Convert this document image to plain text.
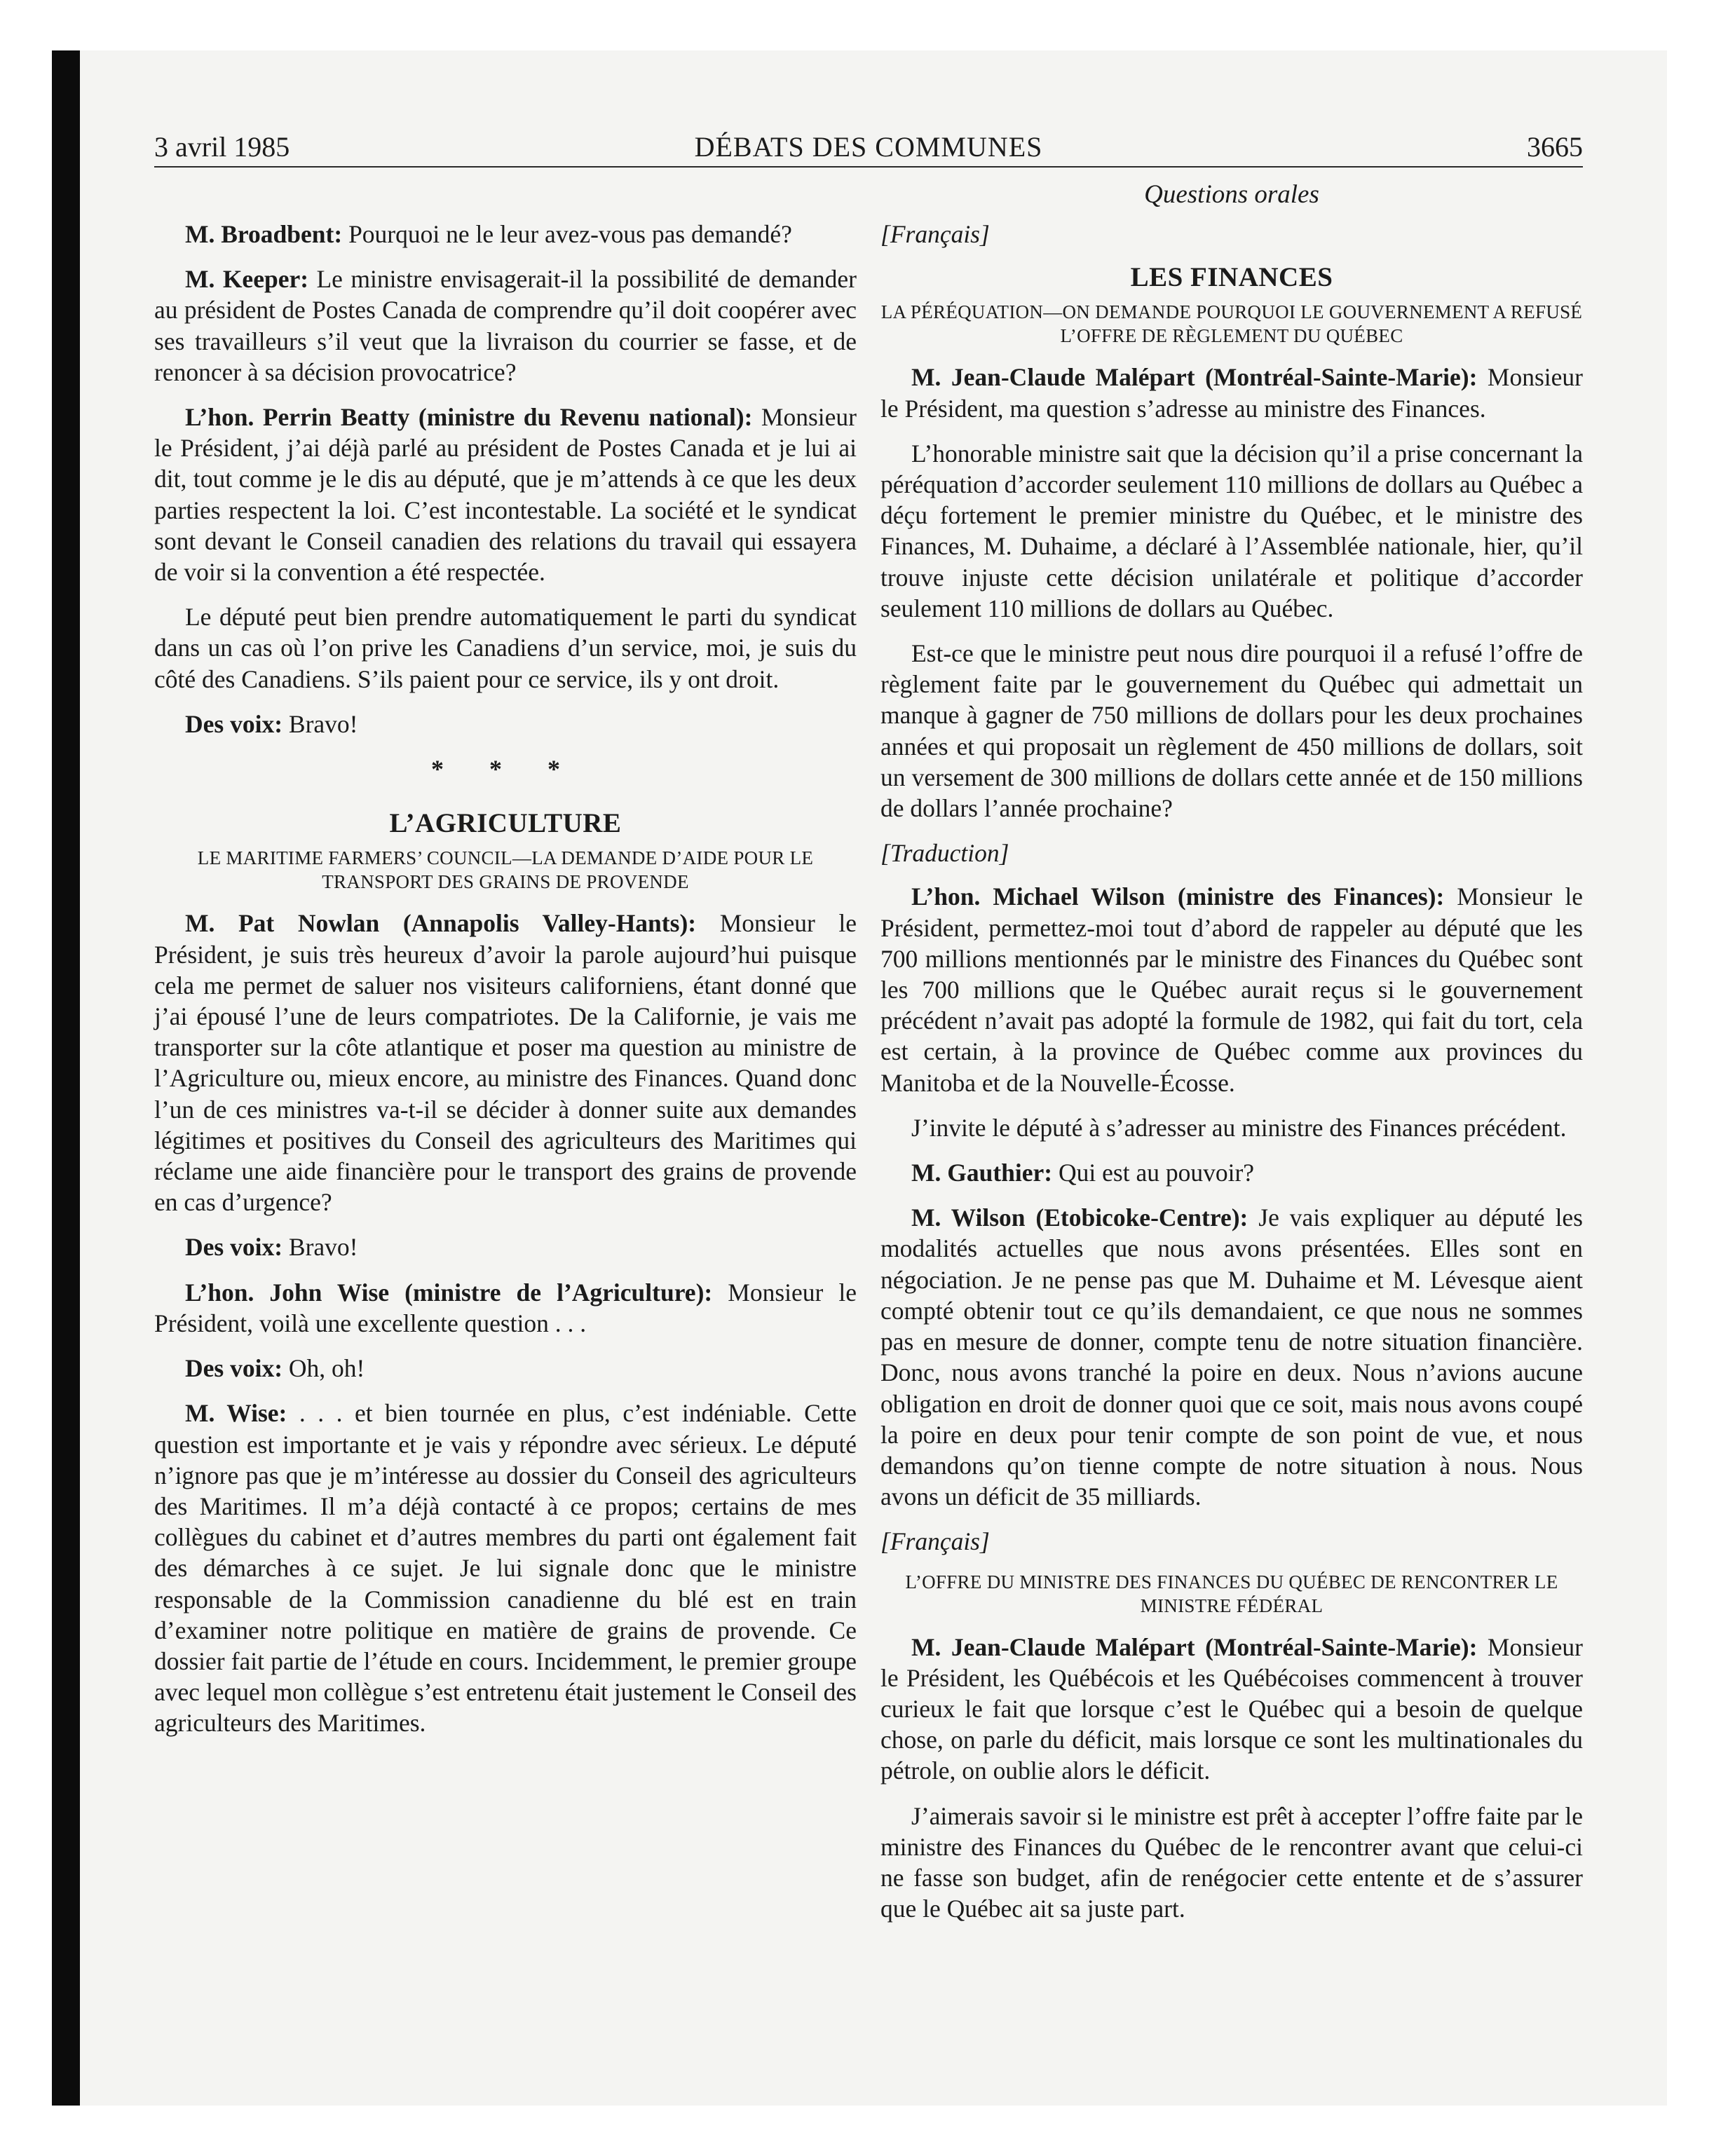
3 avril 1985	DÉBATS DES COMMUNES	3665

M. Broadbent: Pourquoi ne le leur avez-vous pas demandé?

M. Keeper: Le ministre envisagerait-il la possibilité de demander au président de Postes Canada de comprendre qu’il doit coopérer avec ses travailleurs s’il veut que la livraison du courrier se fasse, et de renoncer à sa décision provocatrice?

L’hon. Perrin Beatty (ministre du Revenu national): Monsieur le Président, j’ai déjà parlé au président de Postes Canada et je lui ai dit, tout comme je le dis au député, que je m’attends à ce que les deux parties respectent la loi. C’est incontestable. La société et le syndicat sont devant le Conseil canadien des relations du travail qui essayera de voir si la convention a été respectée.

Le député peut bien prendre automatiquement le parti du syndicat dans un cas où l’on prive les Canadiens d’un service, moi, je suis du côté des Canadiens. S’ils paient pour ce service, ils y ont droit.

Des voix: Bravo!

* * *
L’AGRICULTURE
LE MARITIME FARMERS’ COUNCIL—LA DEMANDE D’AIDE POUR LE TRANSPORT DES GRAINS DE PROVENDE

M. Pat Nowlan (Annapolis Valley-Hants): Monsieur le Président, je suis très heureux d’avoir la parole aujourd’hui puisque cela me permet de saluer nos visiteurs californiens, étant donné que j’ai épousé l’une de leurs compatriotes. De la Californie, je vais me transporter sur la côte atlantique et poser ma question au ministre de l’Agriculture ou, mieux encore, au ministre des Finances. Quand donc l’un de ces ministres va-t-il se décider à donner suite aux demandes légitimes et positives du Conseil des agriculteurs des Maritimes qui réclame une aide financière pour le transport des grains de provende en cas d’urgence?

Des voix: Bravo!

L’hon. John Wise (ministre de l’Agriculture): Monsieur le Président, voilà une excellente question . . .

Des voix: Oh, oh!

M. Wise: . . . et bien tournée en plus, c’est indéniable. Cette question est importante et je vais y répondre avec sérieux. Le député n’ignore pas que je m’intéresse au dossier du Conseil des agriculteurs des Maritimes. Il m’a déjà contacté à ce propos; certains de mes collègues du cabinet et d’autres membres du parti ont également fait des démarches à ce sujet. Je lui signale donc que le ministre responsable de la Commission canadienne du blé est en train d’examiner notre politique en matière de grains de provende. Ce dossier fait partie de l’étude en cours. Incidemment, le premier groupe avec lequel mon collègue s’est entretenu était justement le Conseil des agriculteurs des Maritimes.

Questions orales
[Français]
LES FINANCES
LA PÉRÉQUATION—ON DEMANDE POURQUOI LE GOUVERNEMENT A REFUSÉ L’OFFRE DE RÈGLEMENT DU QUÉBEC

M. Jean-Claude Malépart (Montréal-Sainte-Marie): Monsieur le Président, ma question s’adresse au ministre des Finances.

L’honorable ministre sait que la décision qu’il a prise concernant la péréquation d’accorder seulement 110 millions de dollars au Québec a déçu fortement le premier ministre du Québec, et le ministre des Finances, M. Duhaime, a déclaré à l’Assemblée nationale, hier, qu’il trouve injuste cette décision unilatérale et politique d’accorder seulement 110 millions de dollars au Québec.

Est-ce que le ministre peut nous dire pourquoi il a refusé l’offre de règlement faite par le gouvernement du Québec qui admettait un manque à gagner de 750 millions de dollars pour les deux prochaines années et qui proposait un règlement de 450 millions de dollars, soit un versement de 300 millions de dollars cette année et de 150 millions de dollars l’année prochaine?

[Traduction]

L’hon. Michael Wilson (ministre des Finances): Monsieur le Président, permettez-moi tout d’abord de rappeler au député que les 700 millions mentionnés par le ministre des Finances du Québec sont les 700 millions que le Québec aurait reçus si le gouvernement précédent n’avait pas adopté la formule de 1982, qui fait du tort, cela est certain, à la province de Québec comme aux provinces du Manitoba et de la Nouvelle-Écosse.

J’invite le député à s’adresser au ministre des Finances précédent.

M. Gauthier: Qui est au pouvoir?

M. Wilson (Etobicoke-Centre): Je vais expliquer au député les modalités actuelles que nous avons présentées. Elles sont en négociation. Je ne pense pas que M. Duhaime et M. Lévesque aient compté obtenir tout ce qu’ils demandaient, ce que nous ne sommes pas en mesure de donner, compte tenu de notre situation financière. Donc, nous avons tranché la poire en deux. Nous n’avions aucune obligation en droit de donner quoi que ce soit, mais nous avons coupé la poire en deux pour tenir compte de son point de vue, et nous demandons qu’on tienne compte de notre situation à nous. Nous avons un déficit de 35 milliards.

[Français]
L’OFFRE DU MINISTRE DES FINANCES DU QUÉBEC DE RENCONTRER LE MINISTRE FÉDÉRAL

M. Jean-Claude Malépart (Montréal-Sainte-Marie): Monsieur le Président, les Québécois et les Québécoises commencent à trouver curieux le fait que lorsque c’est le Québec qui a besoin de quelque chose, on parle du déficit, mais lorsque ce sont les multinationales du pétrole, on oublie alors le déficit.

J’aimerais savoir si le ministre est prêt à accepter l’offre faite par le ministre des Finances du Québec de le rencontrer avant que celui-ci ne fasse son budget, afin de renégocier cette entente et de s’assurer que le Québec ait sa juste part.
